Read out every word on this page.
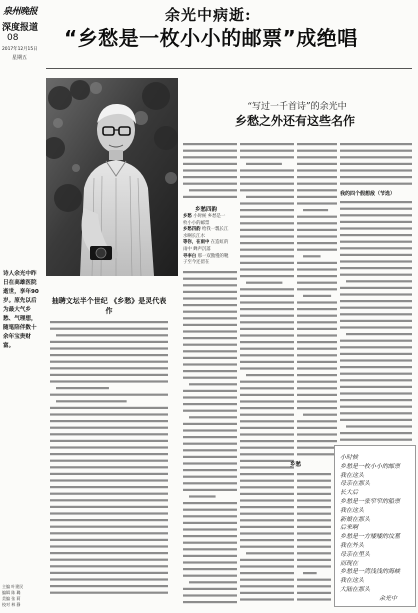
泉州晚报
深度报道
08
2017年12月15日
星期五
诗人余光中昨日在高雄医院逝世，享年90岁。原先以后为最大气乡愁、气理想，随笔陪伴数十余年宝贵财富。
主编 叶建民
编辑 陈 璐
美编 张 莉
校对 林 静
余光中病逝:
“乡愁是一枚小小的邮票”成绝唱
“写过一千首诗”的余光中
乡愁之外还有这些名作
抽聘文坛半个世纪 《乡愁》是灵代表作
乡愁四韵
乡愁 小时候 乡愁是一枚小小的邮票
乡愁四韵 给我一瓢长江水啊长江水
等你，在雨中 在造虹的雨中 蝉声沉落
寻李白 那一双傲慢的靴子至今还留在
我的四个假想敌（节选）
乡愁
小时候
乡愁是一枚小小的邮票
我在这头
母亲在那头
长大后
乡愁是一张窄窄的船票
我在这头
新娘在那头
后来啊
乡愁是一方矮矮的坟墓
我在外头
母亲在里头
而现在
乡愁是一湾浅浅的海峡
我在这头
大陆在那头
余光中
